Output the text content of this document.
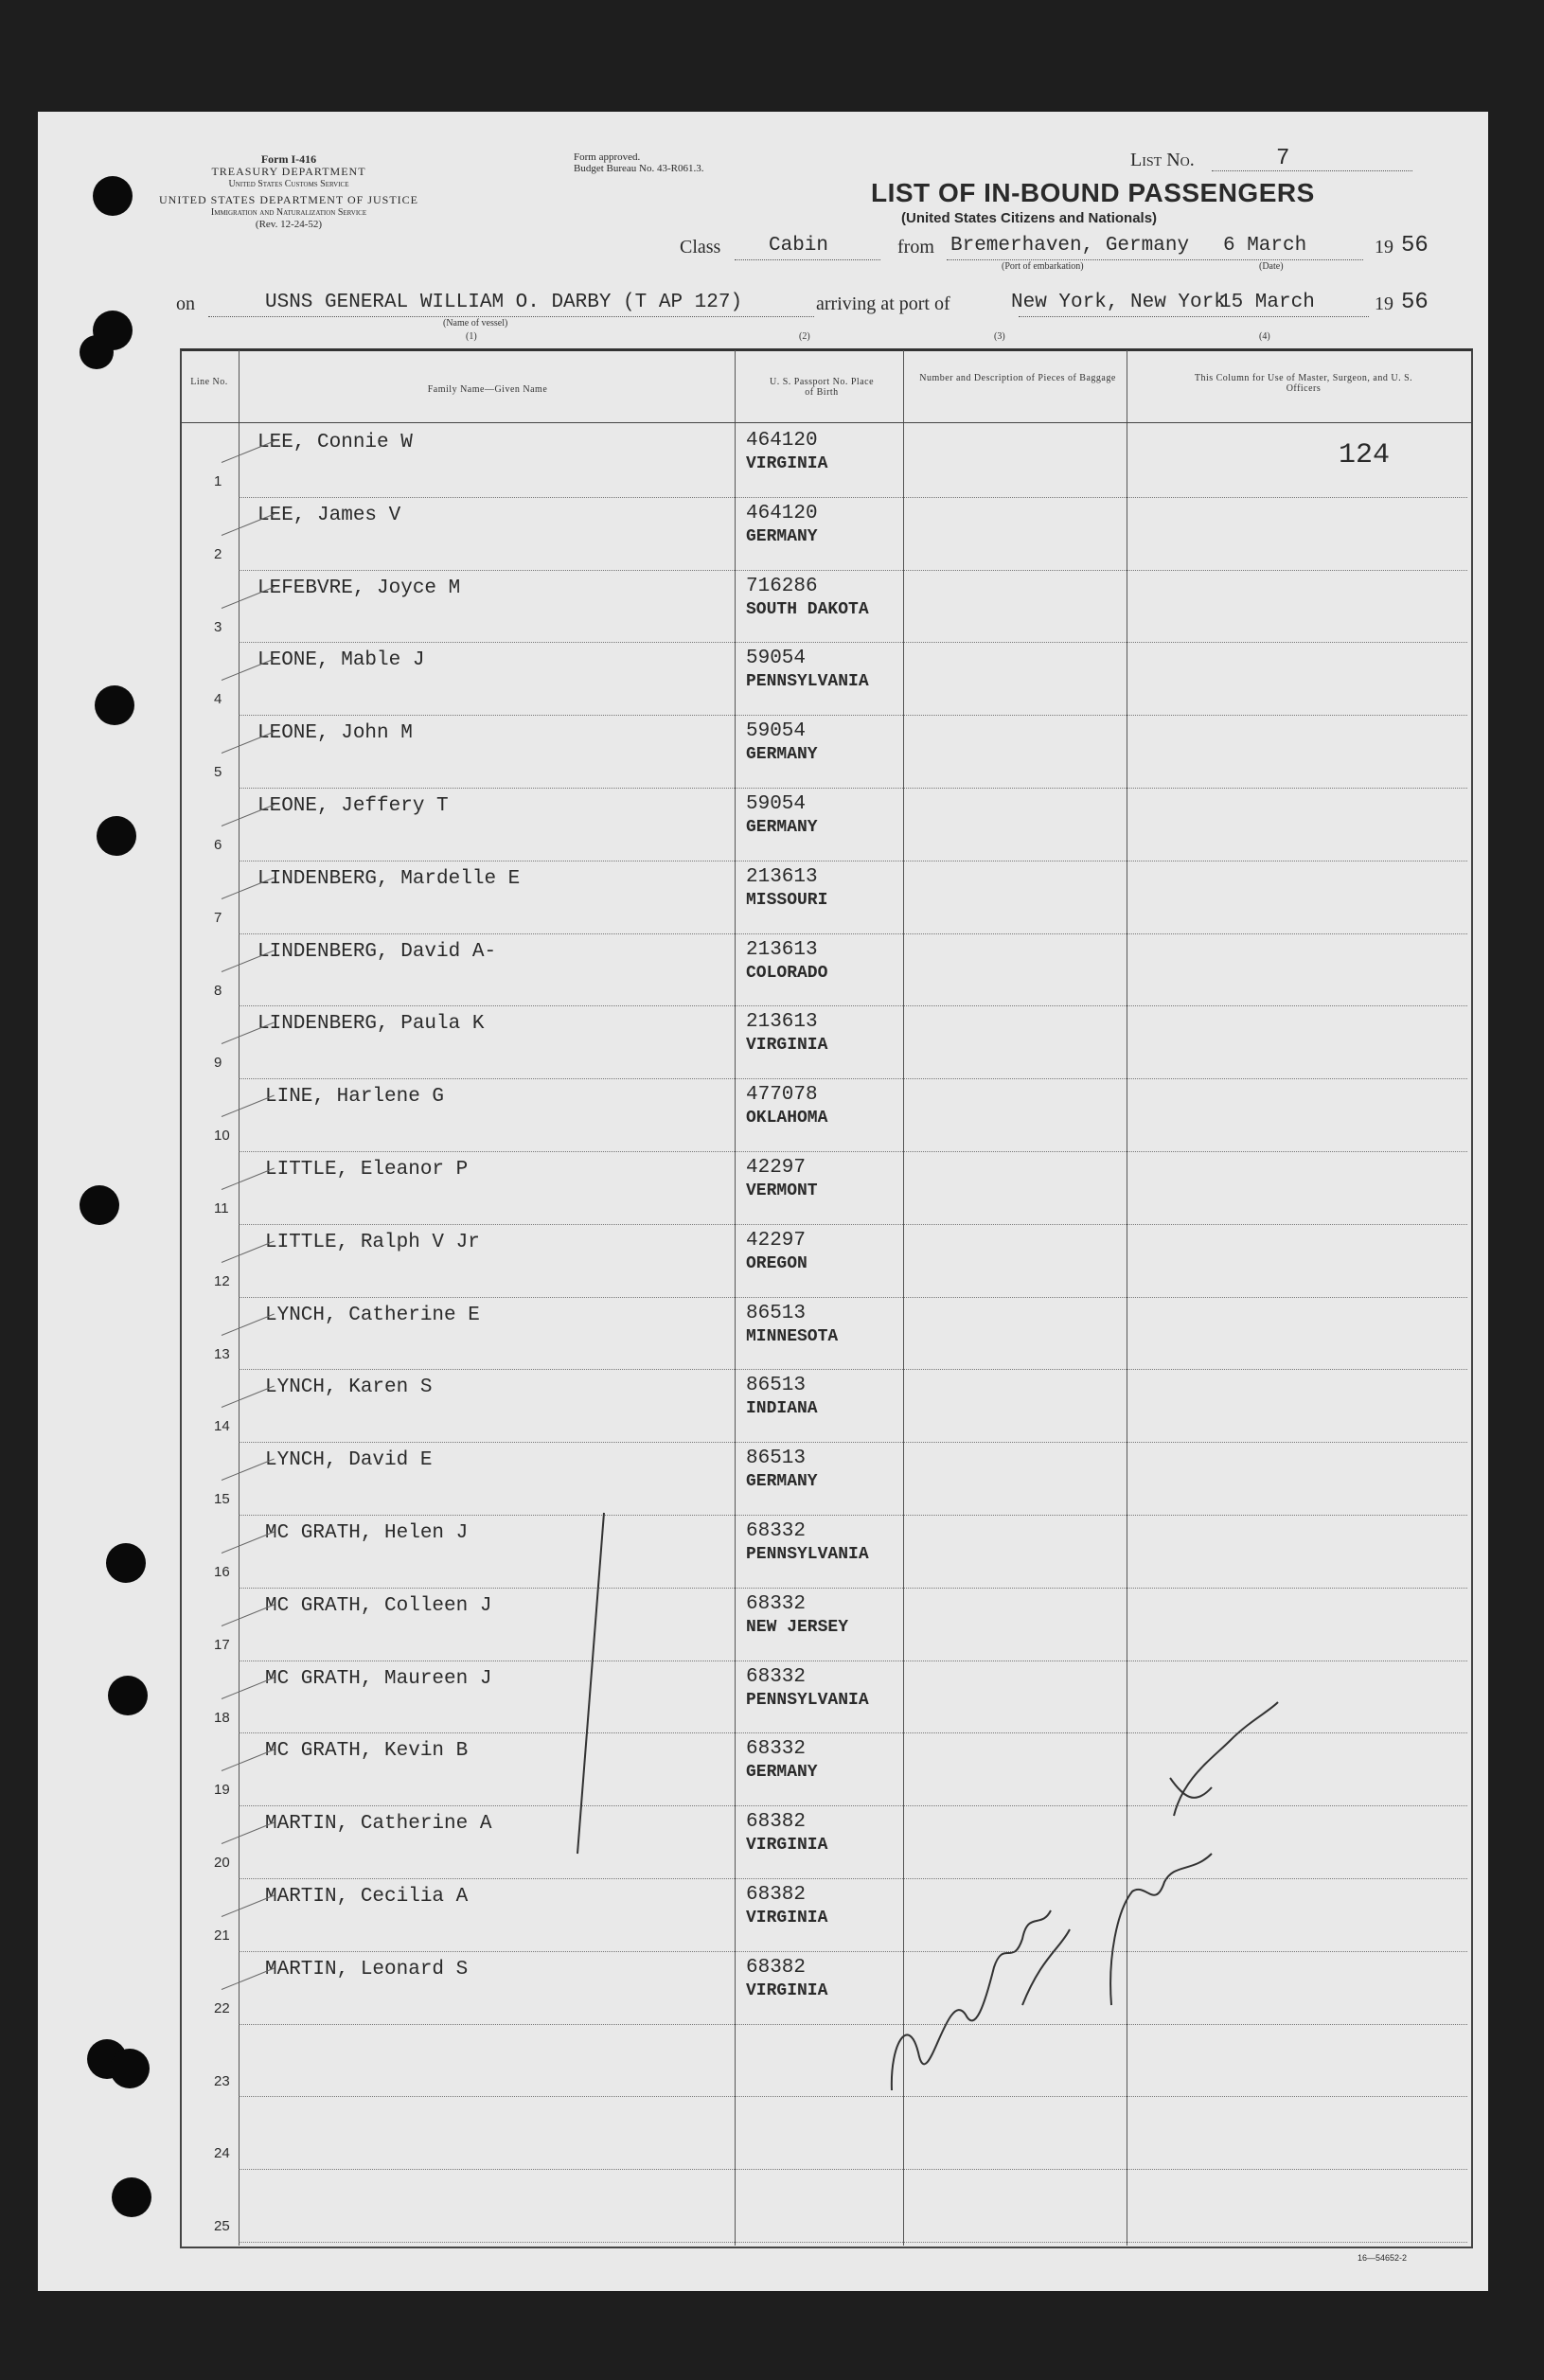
Form I-416
TREASURY DEPARTMENT
United States Customs Service
UNITED STATES DEPARTMENT OF JUSTICE
Immigration and Naturalization Service
(Rev. 12-24-52)
Form approved.
Budget Bureau No. 43-R061.3.	List No.	7
LIST OF IN-BOUND PASSENGERS
(United States Citizens and Nationals)
Class Cabin	from Bremerhaven, Germany 6 March	19 56
(Port of embarkation)	(Date)
on	USNS GENERAL WILLIAM O. DARBY (T AP 127)	arriving at port of	New York, New York
15 March	19 56
(Name of vessel)
(1)	(2)	(3)	(4)
Line No.
Family Name—Given Name
U. S. Passport No. Place of Birth
Number and Description of Pieces of Baggage	This Column for Use of Master, Surgeon, and U. S. Officers
124
1
LEE, Connie W	464120
VIRGINIA
2
LEE, James V	464120
GERMANY
3
LEFEBVRE, Joyce M	716286
SOUTH DAKOTA
4
LEONE, Mable J	59054
PENNSYLVANIA
5
LEONE, John M	59054
GERMANY
6
LEONE, Jeffery T	59054
GERMANY
7
LINDENBERG, Mardelle E	213613
MISSOURI
8
LINDENBERG, David A-	213613
COLORADO
9
LINDENBERG, Paula K	213613
VIRGINIA
10
LINE, Harlene G	477078
OKLAHOMA
11
LITTLE, Eleanor P	42297
VERMONT
12
LITTLE, Ralph V Jr	42297
OREGON
13
LYNCH, Catherine E	86513
MINNESOTA
14
LYNCH, Karen S	86513
INDIANA
15
LYNCH, David E	86513
GERMANY
16
MC GRATH, Helen J	68332
PENNSYLVANIA
17
MC GRATH, Colleen J	68332
NEW JERSEY
18
MC GRATH, Maureen J	68332
PENNSYLVANIA
19
MC GRATH, Kevin B	68332
GERMANY
20
MARTIN, Catherine A	68382
VIRGINIA
21
MARTIN, Cecilia A	68382
VIRGINIA
22
MARTIN, Leonard S	68382
VIRGINIA
23
24
25
16—54652-2
